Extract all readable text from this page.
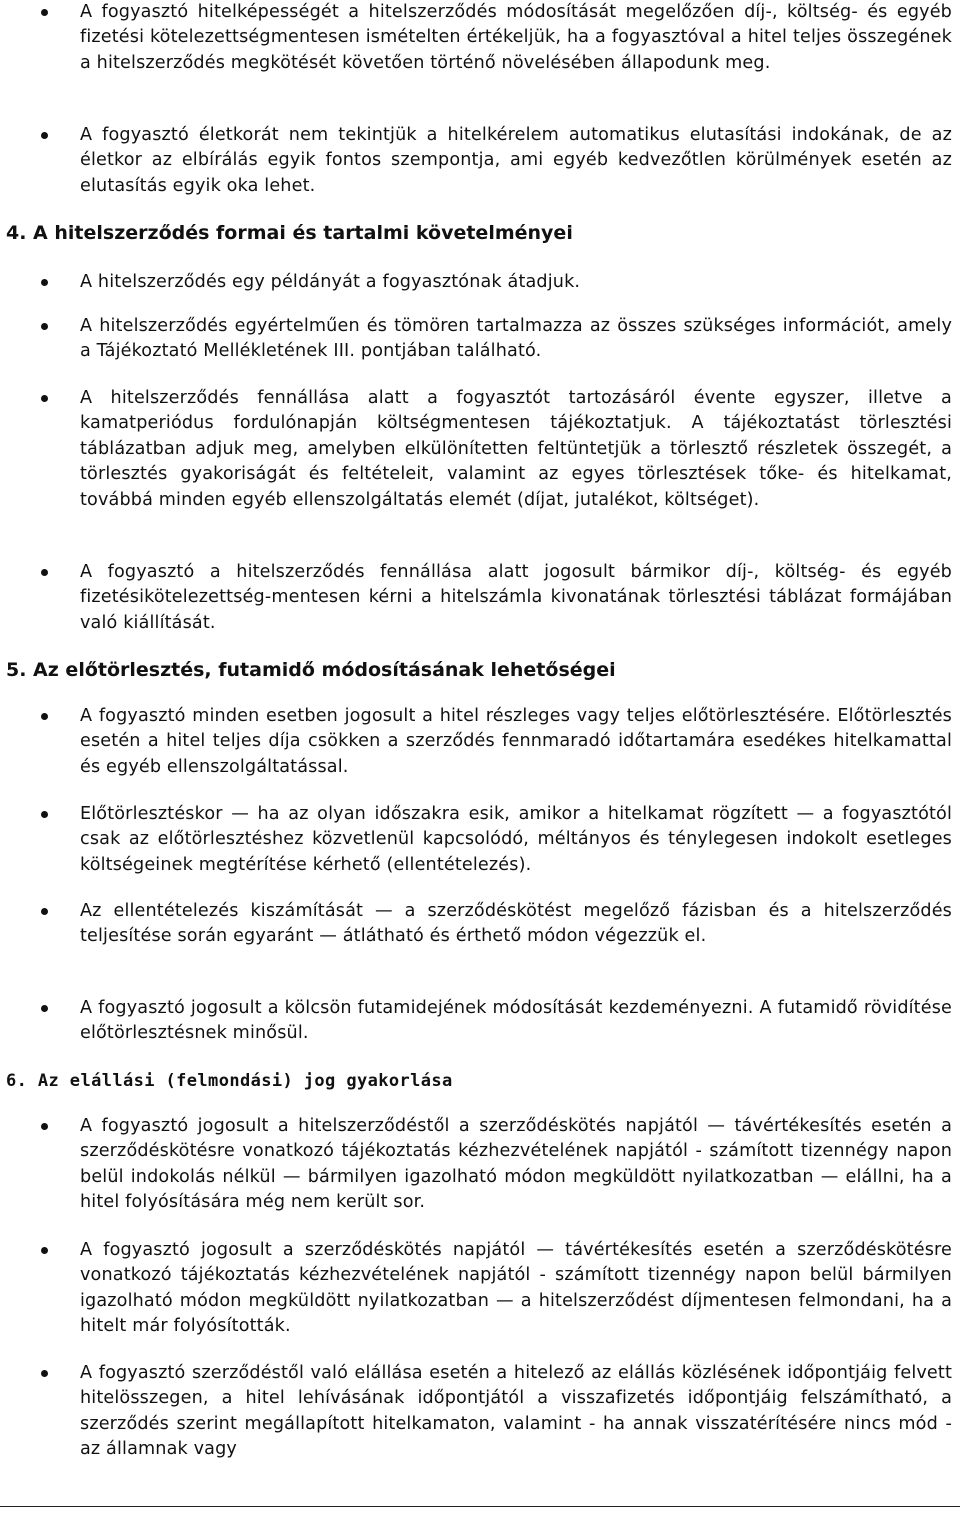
A fogyasztó hitelképességét a hitelszerződés módosítását megelőzően díj-, költség- és egyéb fizetési kötelezettségmentesen ismételten értékeljük, ha a fogyasztóval a hitel teljes összegének a hitelszerződés megkötését követően történő növelésében állapodunk meg.
A fogyasztó életkorát nem tekintjük a hitelkérelem automatikus elutasítási indokának, de az életkor az elbírálás egyik fontos szempontja, ami egyéb kedvezőtlen körülmények esetén az elutasítás egyik oka lehet.
4. A hitelszerződés formai és tartalmi követelményei
A hitelszerződés egy példányát a fogyasztónak átadjuk.
A hitelszerződés egyértelműen és tömören tartalmazza az összes szükséges információt, amely a Tájékoztató Mellékletének III. pontjában található.
A hitelszerződés fennállása alatt a fogyasztót tartozásáról évente egyszer, illetve a kamatperiódus fordulónapján költségmentesen tájékoztatjuk. A tájékoztatást törlesztési táblázatban adjuk meg, amelyben elkülönítetten feltüntetjük a törlesztő részletek összegét, a törlesztés gyakoriságát és feltételeit, valamint az egyes törlesztések tőke- és hitelkamat, továbbá minden egyéb ellenszolgáltatás elemét (díjat, jutalékot, költséget).
A fogyasztó a hitelszerződés fennállása alatt jogosult bármikor díj-, költség- és egyéb fizetésikötelezettség-mentesen kérni a hitelszámla kivonatának törlesztési táblázat formájában való kiállítását.
5. Az előtörlesztés, futamidő módosításának lehetőségei
A fogyasztó minden esetben jogosult a hitel részleges vagy teljes előtörlesztésére. Előtörlesztés esetén a hitel teljes díja csökken a szerződés fennmaradó időtartamára esedékes hitelkamattal és egyéb ellenszolgáltatással.
Előtörlesztéskor — ha az olyan időszakra esik, amikor a hitelkamat rögzített — a fogyasztótól csak az előtörlesztéshez közvetlenül kapcsolódó, méltányos és ténylegesen indokolt esetleges költségeinek megtérítése kérhető (ellentételezés).
Az ellentételezés kiszámítását — a szerződéskötést megelőző fázisban és a hitelszerződés teljesítése során egyaránt — átlátható és érthető módon végezzük el.
A fogyasztó jogosult a kölcsön futamidejének módosítását kezdeményezni. A futamidő rövidítése előtörlesztésnek minősül.
6. Az elállási (felmondási) jog gyakorlása
A fogyasztó jogosult a hitelszerződéstől a szerződéskötés napjától — távértékesítés esetén a szerződéskötésre vonatkozó tájékoztatás kézhezvételének napjától - számított tizennégy napon belül indokolás nélkül — bármilyen igazolható módon megküldött nyilatkozatban — elállni, ha a hitel folyósítására még nem került sor.
A fogyasztó jogosult a szerződéskötés napjától — távértékesítés esetén a szerződéskötésre vonatkozó tájékoztatás kézhezvételének napjától - számított tizennégy napon belül bármilyen igazolható módon megküldött nyilatkozatban — a hitelszerződést díjmentesen felmondani, ha a hitelt már folyósították.
A fogyasztó szerződéstől való elállása esetén a hitelező az elállás közlésének időpontjáig felvett hitelösszegen, a hitel lehívásának időpontjától a visszafizetés időpontjáig felszámítható, a szerződés szerint megállapított hitelkamaton, valamint - ha annak visszatérítésére nincs mód - az államnak vagy
